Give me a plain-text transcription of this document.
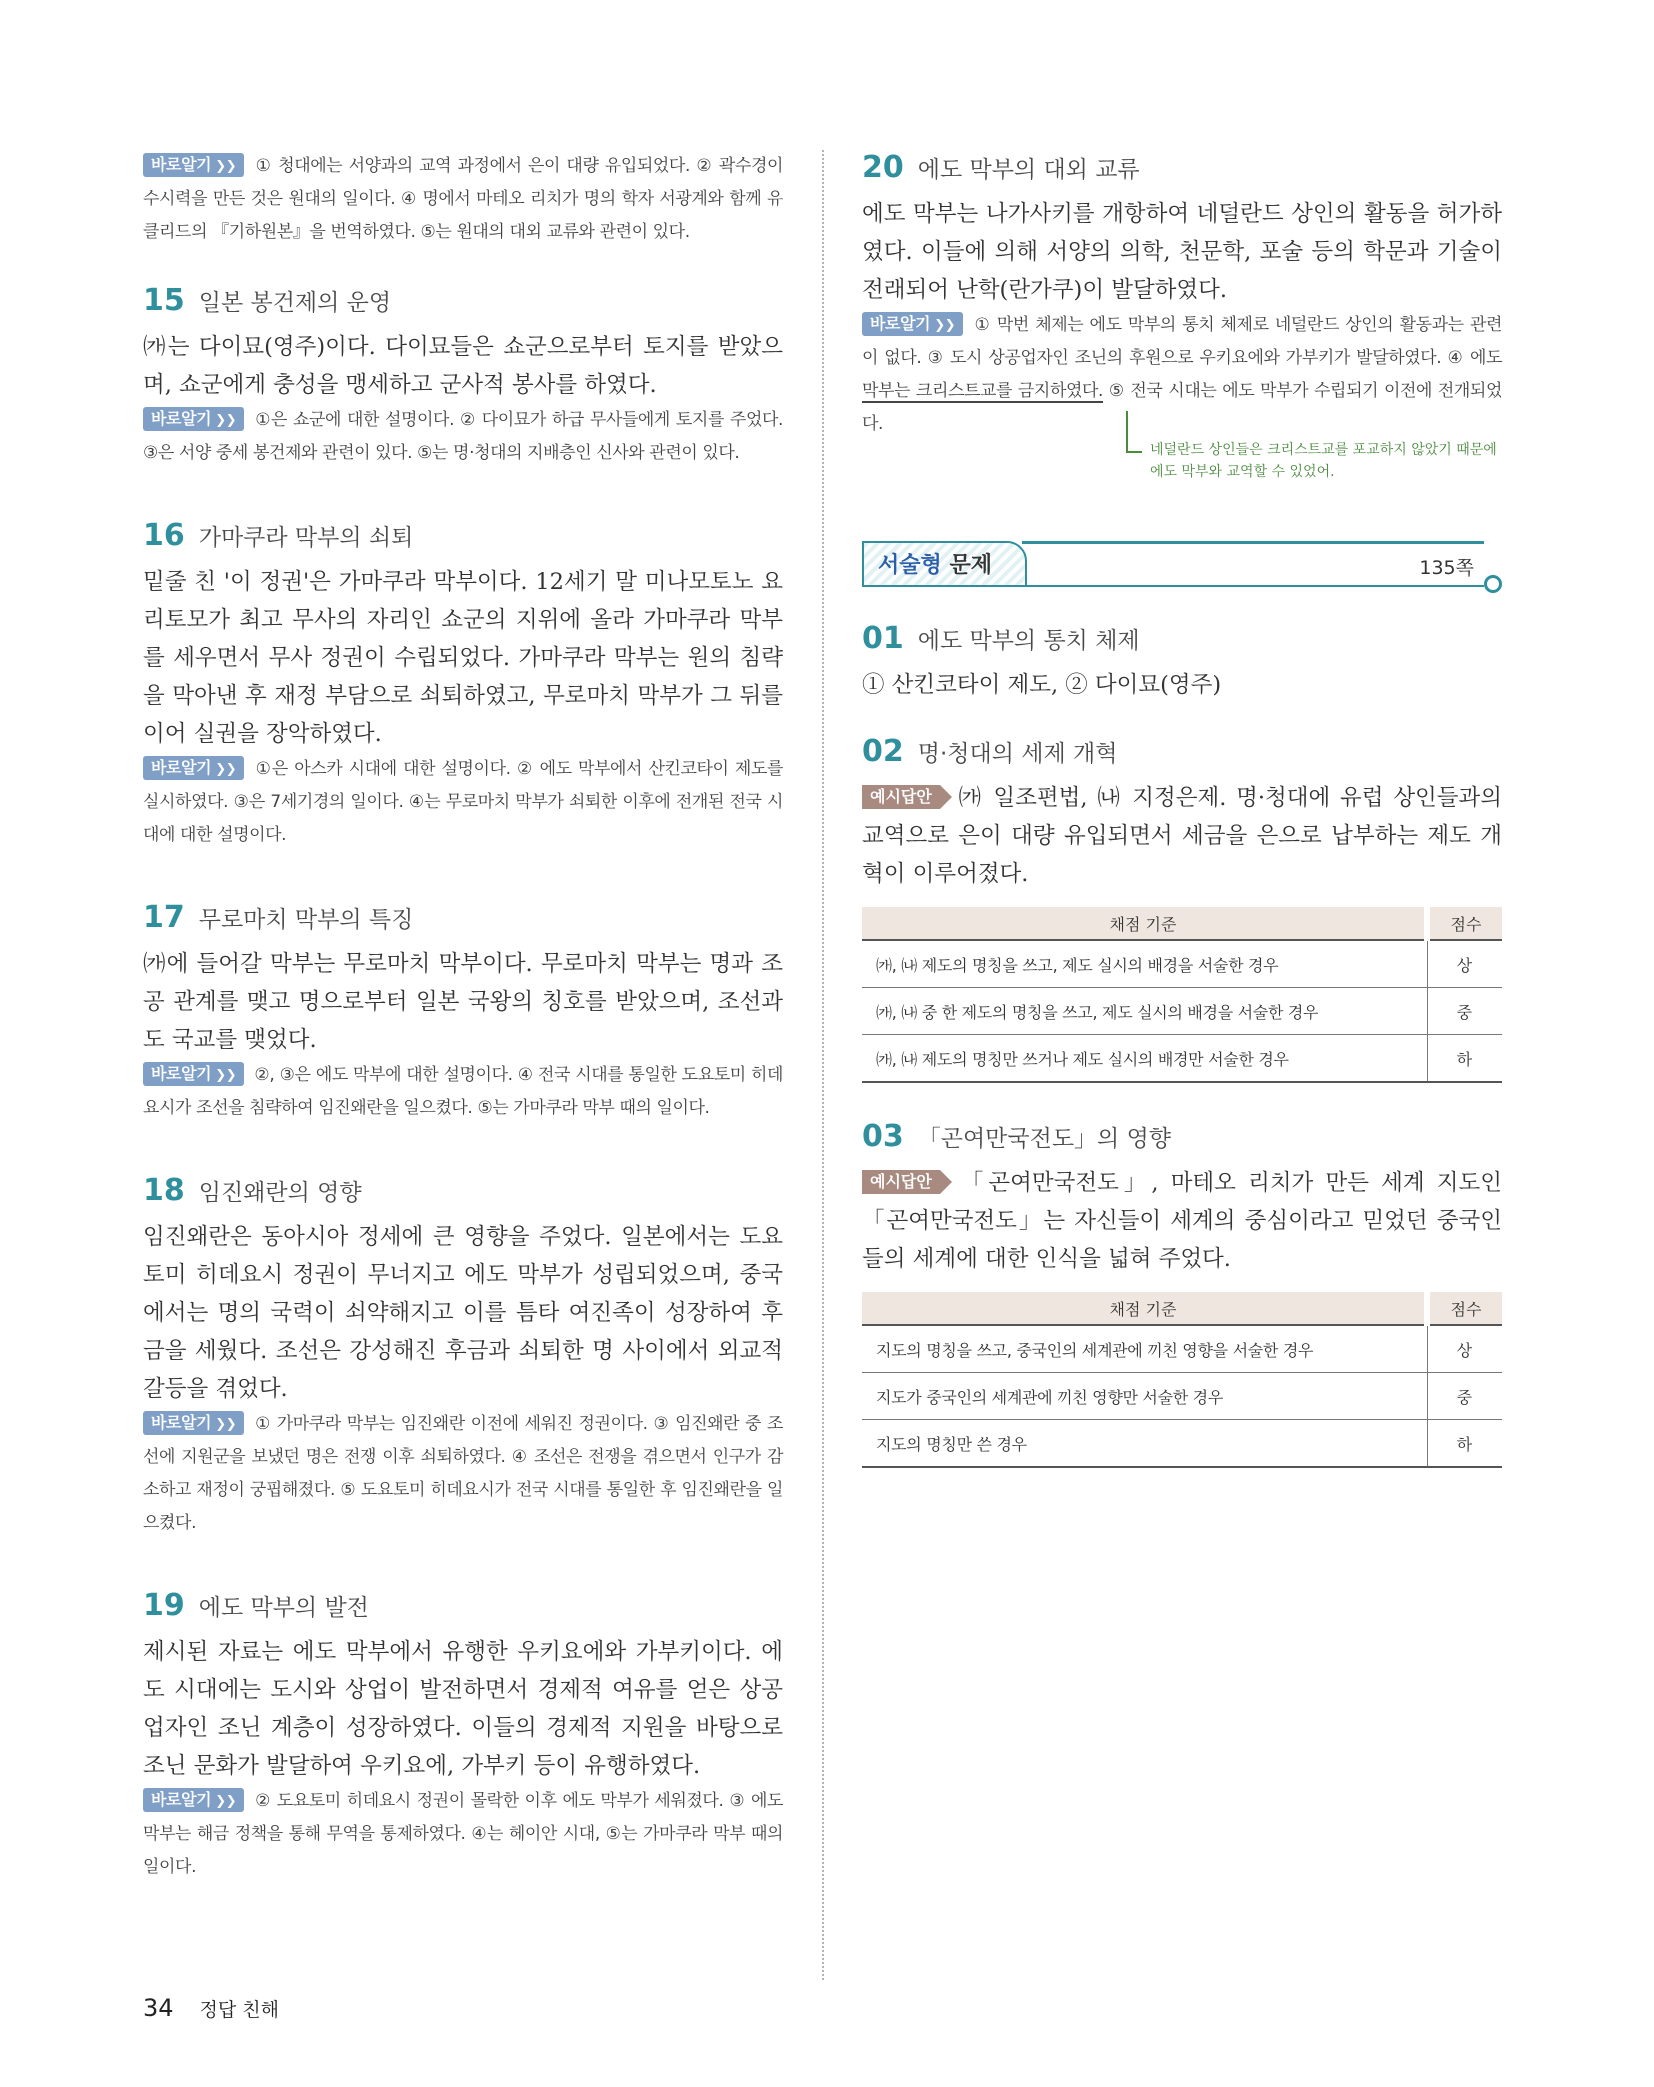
바로알기 ❯❯ ① 청대에는 서양과의 교역 과정에서 은이 대량 유입되었다. ② 곽수경이 수시력을 만든 것은 원대의 일이다. ④ 명에서 마테오 리치가 명의 학자 서광계와 함께 유클리드의 『기하원본』을 번역하였다. ⑤는 원대의 대외 교류와 관련이 있다.
15 일본 봉건제의 운영
㈎는 다이묘(영주)이다. 다이묘들은 쇼군으로부터 토지를 받았으며, 쇼군에게 충성을 맹세하고 군사적 봉사를 하였다.
바로알기 ❯❯ ①은 쇼군에 대한 설명이다. ② 다이묘가 하급 무사들에게 토지를 주었다. ③은 서양 중세 봉건제와 관련이 있다. ⑤는 명·청대의 지배층인 신사와 관련이 있다.
16 가마쿠라 막부의 쇠퇴
밑줄 친 '이 정권'은 가마쿠라 막부이다. 12세기 말 미나모토노 요리토모가 최고 무사의 자리인 쇼군의 지위에 올라 가마쿠라 막부를 세우면서 무사 정권이 수립되었다. 가마쿠라 막부는 원의 침략을 막아낸 후 재정 부담으로 쇠퇴하였고, 무로마치 막부가 그 뒤를 이어 실권을 장악하였다.
바로알기 ❯❯ ①은 아스카 시대에 대한 설명이다. ② 에도 막부에서 산킨코타이 제도를 실시하였다. ③은 7세기경의 일이다. ④는 무로마치 막부가 쇠퇴한 이후에 전개된 전국 시대에 대한 설명이다.
17 무로마치 막부의 특징
㈎에 들어갈 막부는 무로마치 막부이다. 무로마치 막부는 명과 조공 관계를 맺고 명으로부터 일본 국왕의 칭호를 받았으며, 조선과도 국교를 맺었다.
바로알기 ❯❯ ②, ③은 에도 막부에 대한 설명이다. ④ 전국 시대를 통일한 도요토미 히데요시가 조선을 침략하여 임진왜란을 일으켰다. ⑤는 가마쿠라 막부 때의 일이다.
18 임진왜란의 영향
임진왜란은 동아시아 정세에 큰 영향을 주었다. 일본에서는 도요토미 히데요시 정권이 무너지고 에도 막부가 성립되었으며, 중국에서는 명의 국력이 쇠약해지고 이를 틈타 여진족이 성장하여 후금을 세웠다. 조선은 강성해진 후금과 쇠퇴한 명 사이에서 외교적 갈등을 겪었다.
바로알기 ❯❯ ① 가마쿠라 막부는 임진왜란 이전에 세워진 정권이다. ③ 임진왜란 중 조선에 지원군을 보냈던 명은 전쟁 이후 쇠퇴하였다. ④ 조선은 전쟁을 겪으면서 인구가 감소하고 재정이 궁핍해졌다. ⑤ 도요토미 히데요시가 전국 시대를 통일한 후 임진왜란을 일으켰다.
19 에도 막부의 발전
제시된 자료는 에도 막부에서 유행한 우키요에와 가부키이다. 에도 시대에는 도시와 상업이 발전하면서 경제적 여유를 얻은 상공업자인 조닌 계층이 성장하였다. 이들의 경제적 지원을 바탕으로 조닌 문화가 발달하여 우키요에, 가부키 등이 유행하였다.
바로알기 ❯❯ ② 도요토미 히데요시 정권이 몰락한 이후 에도 막부가 세워졌다. ③ 에도 막부는 해금 정책을 통해 무역을 통제하였다. ④는 헤이안 시대, ⑤는 가마쿠라 막부 때의 일이다.
20 에도 막부의 대외 교류
에도 막부는 나가사키를 개항하여 네덜란드 상인의 활동을 허가하였다. 이들에 의해 서양의 의학, 천문학, 포술 등의 학문과 기술이 전래되어 난학(란가쿠)이 발달하였다.
바로알기 ❯❯ ① 막번 체제는 에도 막부의 통치 체제로 네덜란드 상인의 활동과는 관련이 없다. ③ 도시 상공업자인 조닌의 후원으로 우키요에와 가부키가 발달하였다. ④ 에도 막부는 크리스트교를 금지하였다. ⑤ 전국 시대는 에도 막부가 수립되기 이전에 전개되었다.
네덜란드 상인들은 크리스트교를 포교하지 않았기 때문에 에도 막부와 교역할 수 있었어.
서술형 문제	135쪽
01 에도 막부의 통치 체제
① 산킨코타이 제도, ② 다이묘(영주)
02 명·청대의 세제 개혁
예시답안 ㈎ 일조편법, ㈏ 지정은제. 명·청대에 유럽 상인들과의 교역으로 은이 대량 유입되면서 세금을 은으로 납부하는 제도 개혁이 이루어졌다.
채점 기준	점수
㈎, ㈏ 제도의 명칭을 쓰고, 제도 실시의 배경을 서술한 경우	상
㈎, ㈏ 중 한 제도의 명칭을 쓰고, 제도 실시의 배경을 서술한 경우	중
㈎, ㈏ 제도의 명칭만 쓰거나 제도 실시의 배경만 서술한 경우	하
03 「곤여만국전도」의 영향
예시답안 「곤여만국전도」, 마테오 리치가 만든 세계 지도인 「곤여만국전도」는 자신들이 세계의 중심이라고 믿었던 중국인들의 세계에 대한 인식을 넓혀 주었다.
채점 기준	점수
지도의 명칭을 쓰고, 중국인의 세계관에 끼친 영향을 서술한 경우	상
지도가 중국인의 세계관에 끼친 영향만 서술한 경우	중
지도의 명칭만 쓴 경우	하
34 정답 친해
